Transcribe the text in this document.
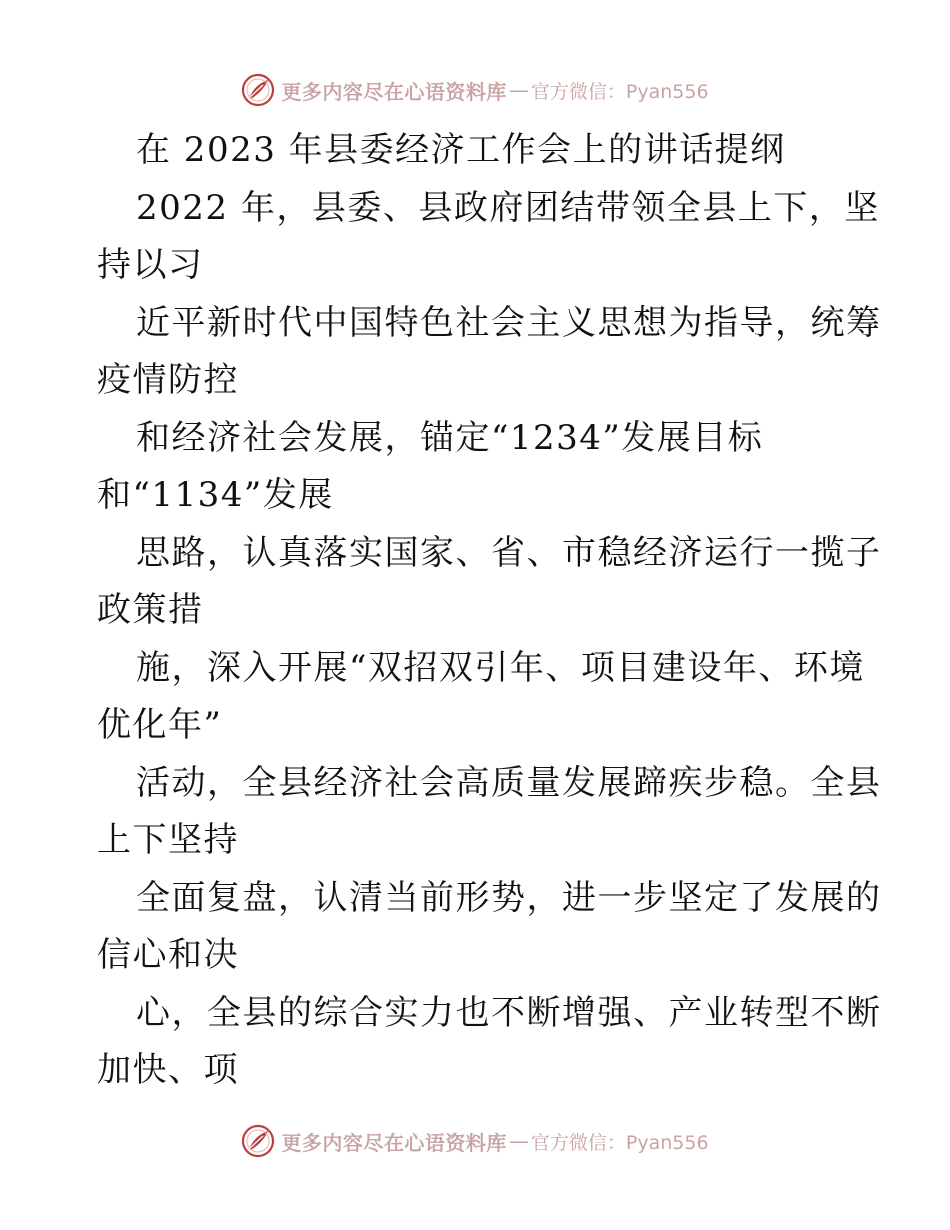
更多内容尽在心语资料库 — 官方微信：Pyan556
在 2023 年县委经济工作会上的讲话提纲
2022 年，县委、县政府团结带领全县上下，坚
持以习
近平新时代中国特色社会主义思想为指导，统筹
疫情防控
和经济社会发展，锚定“1234”发展目标
和“1134”发展
思路，认真落实国家、省、市稳经济运行一揽子
政策措
施，深入开展“双招双引年、项目建设年、环境
优化年”
活动，全县经济社会高质量发展蹄疾步稳。全县
上下坚持
全面复盘，认清当前形势，进一步坚定了发展的
信心和决
心，全县的综合实力也不断增强、产业转型不断
加快、项
更多内容尽在心语资料库 — 官方微信：Pyan556
